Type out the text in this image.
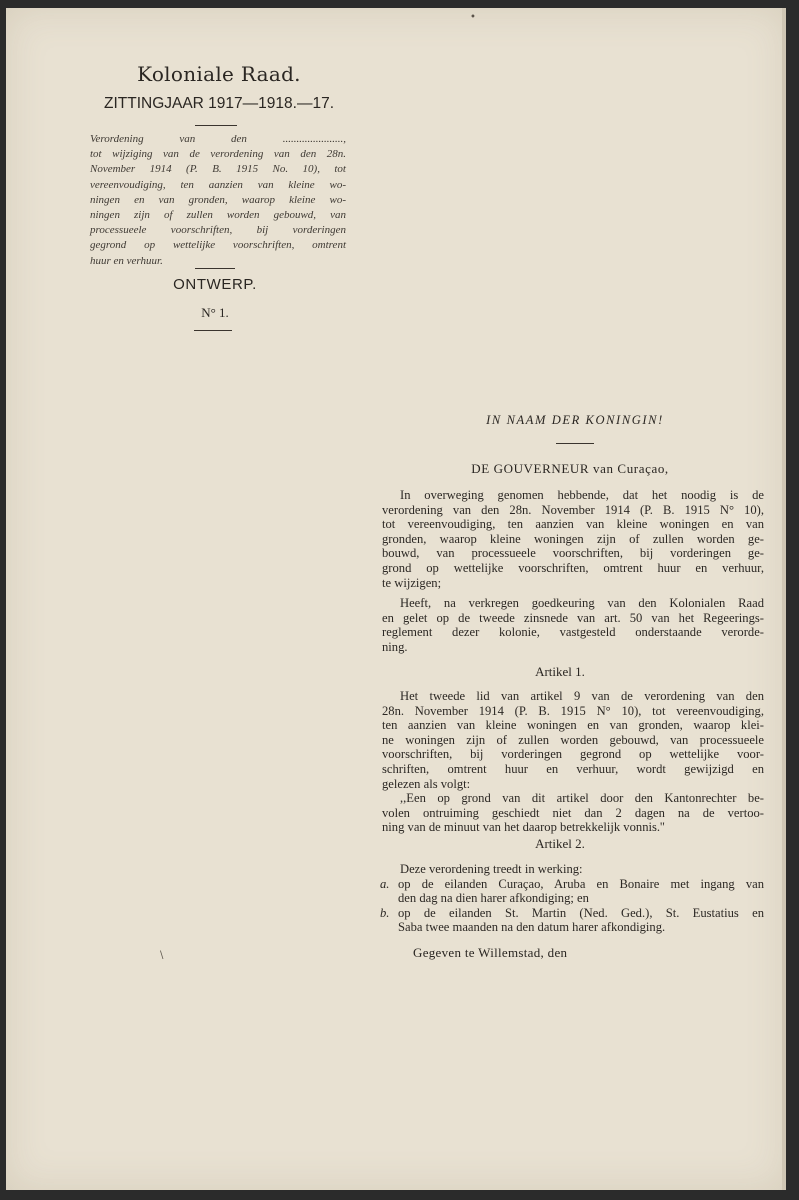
Koloniale Raad.
ZITTINGJAAR 1917—1918.—17.
Verordening van den ......................,
tot wijziging van de verordening van den 28n.
November 1914 (P. B. 1915 No. 10), tot
vereenvoudiging, ten aanzien van kleine wo-
ningen en van gronden, waarop kleine wo-
ningen zijn of zullen worden gebouwd, van
processueele voorschriften, bij vorderingen
gegrond op wettelijke voorschriften, omtrent
huur en verhuur.
ONTWERP.
N° 1.
IN NAAM DER KONINGIN!
DE GOUVERNEUR van Curaçao,
In overweging genomen hebbende, dat het noodig is de
verordening van den 28n. November 1914 (P. B. 1915 N° 10),
tot vereenvoudiging, ten aanzien van kleine woningen en van
gronden, waarop kleine woningen zijn of zullen worden ge-
bouwd, van processueele voorschriften, bij vorderingen ge-
grond op wettelijke voorschriften, omtrent huur en verhuur,
te wijzigen;
Heeft, na verkregen goedkeuring van den Kolonialen Raad
en gelet op de tweede zinsnede van art. 50 van het Regeerings-
reglement dezer kolonie, vastgesteld onderstaande verorde-
ning.
Artikel 1.
Het tweede lid van artikel 9 van de verordening van den
28n. November 1914 (P. B. 1915 N° 10), tot vereenvoudiging,
ten aanzien van kleine woningen en van gronden, waarop klei-
ne woningen zijn of zullen worden gebouwd, van processueele
voorschriften, bij vorderingen gegrond op wettelijke voor-
schriften, omtrent huur en verhuur, wordt gewijzigd en
gelezen als volgt:
,,Een op grond van dit artikel door den Kantonrechter be-
volen ontruiming geschiedt niet dan 2 dagen na de vertoo-
ning van de minuut van het daarop betrekkelijk vonnis.''
Artikel 2.
Deze verordening treedt in werking:
a. op de eilanden Curaçao, Aruba en Bonaire met ingang van
den dag na dien harer afkondiging; en
b. op de eilanden St. Martin (Ned. Ged.), St. Eustatius en
Saba twee maanden na den datum harer afkondiging.
Gegeven te Willemstad, den
•
\
